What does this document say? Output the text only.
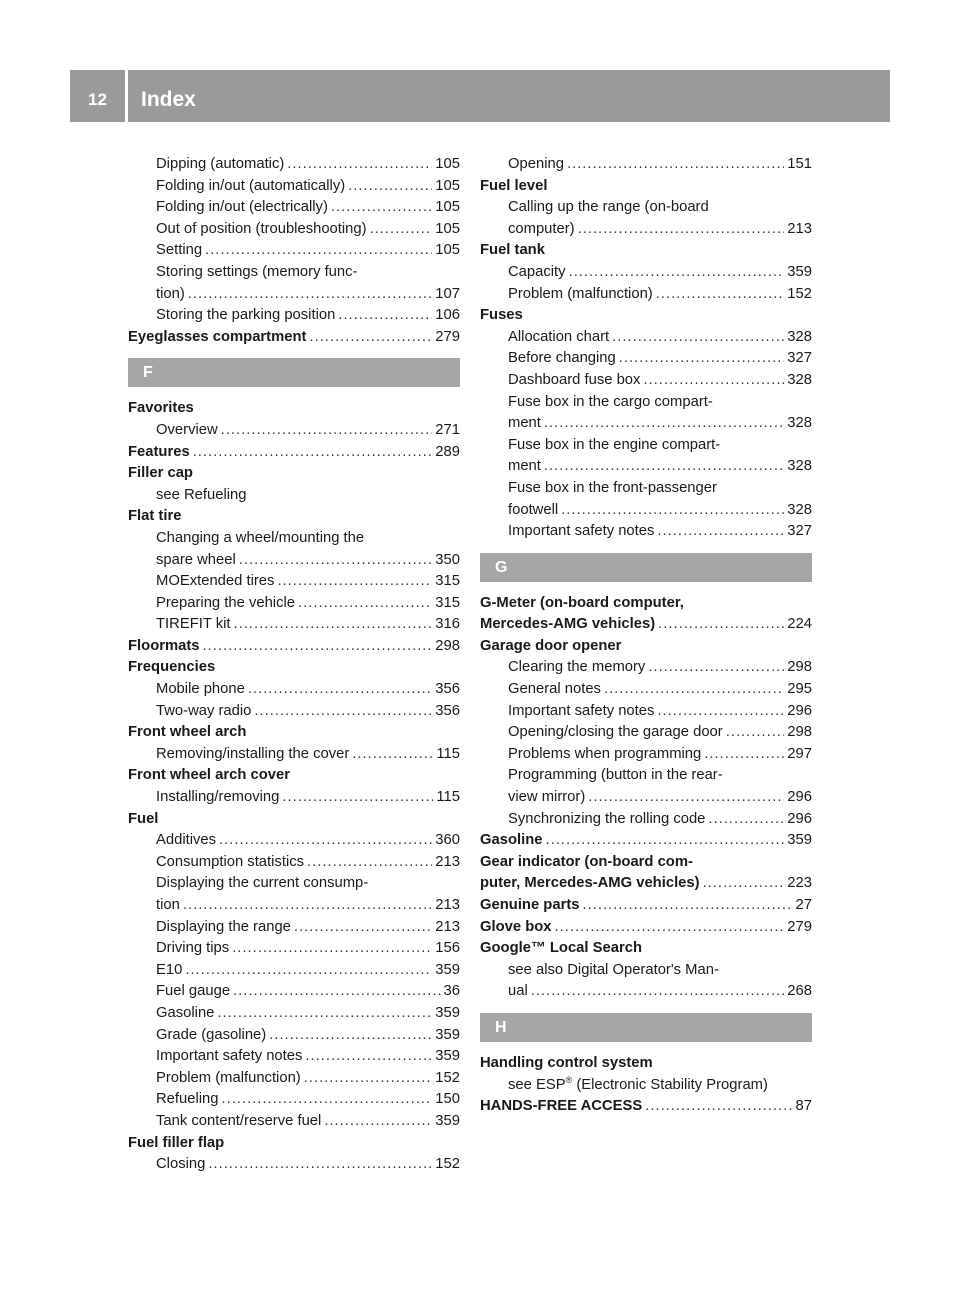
12	Index
Dipping (automatic) .....	105
Folding in/out (automatically) .....	105
Folding in/out (electrically) .....	105
Out of position (troubleshooting) .....	105
Setting .....	105
Storing settings (memory func-
tion) .....	107
Storing the parking position .....	106
Eyeglasses compartment .....	279
F
Favorites
Overview .....	271
Features .....	289
Filler cap
see Refueling
Flat tire
Changing a wheel/mounting the
spare wheel .....	350
MOExtended tires .....	315
Preparing the vehicle .....	315
TIREFIT kit .....	316
Floormats .....	298
Frequencies
Mobile phone .....	356
Two-way radio .....	356
Front wheel arch
Removing/installing the cover .....	115
Front wheel arch cover
Installing/removing .....	115
Fuel
Additives .....	360
Consumption statistics .....	213
Displaying the current consump-
tion .....	213
Displaying the range .....	213
Driving tips .....	156
E10 .....	359
Fuel gauge .....	36
Gasoline .....	359
Grade (gasoline) .....	359
Important safety notes .....	359
Problem (malfunction) .....	152
Refueling .....	150
Tank content/reserve fuel .....	359
Fuel filler flap
Closing .....	152
Opening .....	151
Fuel level
Calling up the range (on-board
computer) .....	213
Fuel tank
Capacity .....	359
Problem (malfunction) .....	152
Fuses
Allocation chart .....	328
Before changing .....	327
Dashboard fuse box .....	328
Fuse box in the cargo compart-
ment .....	328
Fuse box in the engine compart-
ment .....	328
Fuse box in the front-passenger
footwell .....	328
Important safety notes .....	327
G
G-Meter (on-board computer,
Mercedes-AMG vehicles) .....	224
Garage door opener
Clearing the memory .....	298
General notes .....	295
Important safety notes .....	296
Opening/closing the garage door .....	298
Problems when programming .....	297
Programming (button in the rear-
view mirror) .....	296
Synchronizing the rolling code .....	296
Gasoline .....	359
Gear indicator (on-board com-
puter, Mercedes-AMG vehicles) .....	223
Genuine parts .....	27
Glove box .....	279
Google™ Local Search
see also Digital Operator's Man-
ual .....	268
H
Handling control system
see ESP® (Electronic Stability Program)
HANDS-FREE ACCESS .....	87
